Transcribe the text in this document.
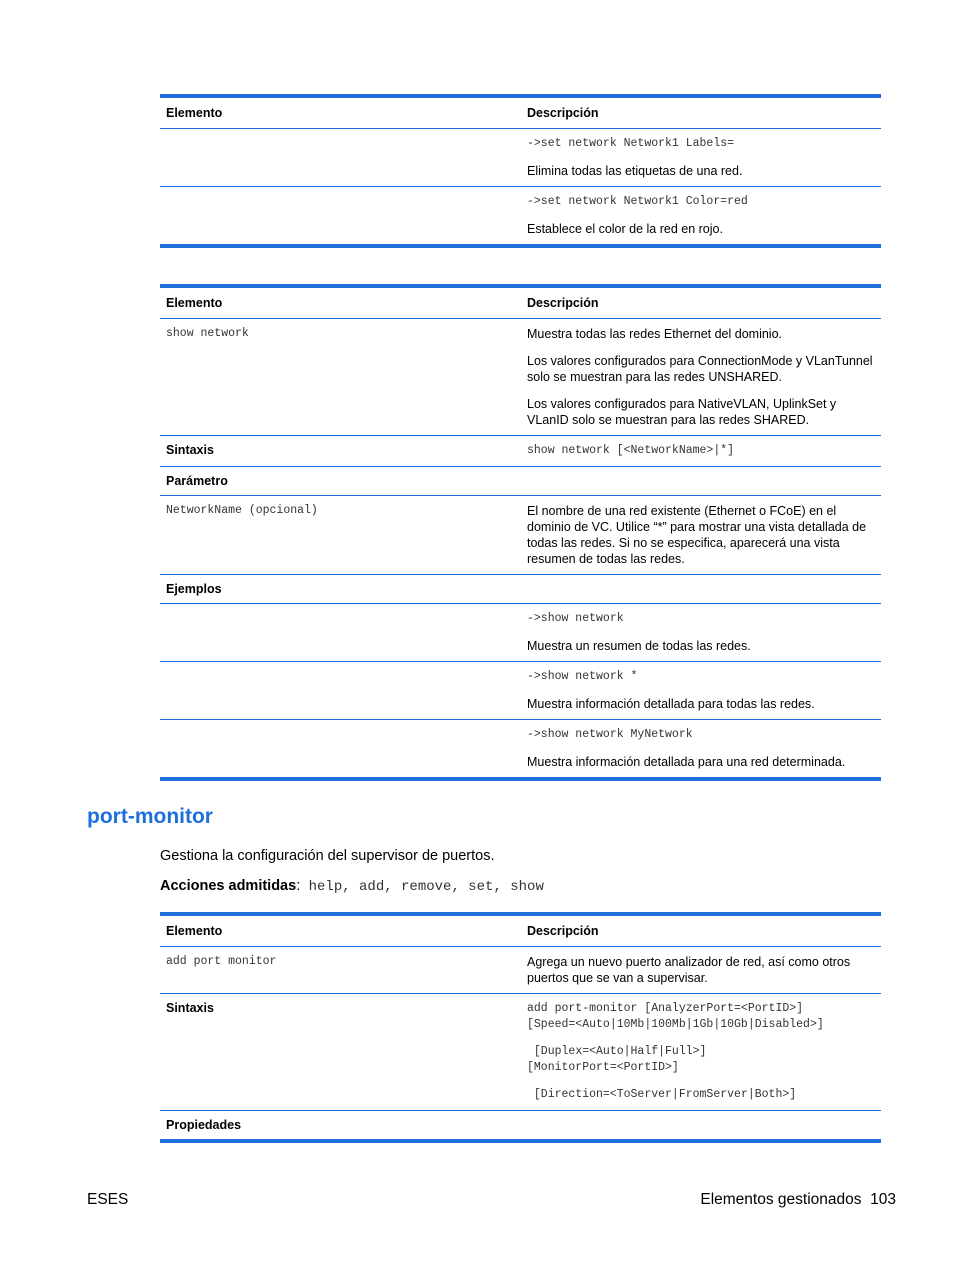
Elemento	Descripción
->set network Network1 Labels=
Elimina todas las etiquetas de una red.
->set network Network1 Color=red
Establece el color de la red en rojo.
Elemento	Descripción
show network	Muestra todas las redes Ethernet del dominio.
Los valores configurados para ConnectionMode y VLanTunnel solo se muestran para las redes UNSHARED.
Los valores configurados para NativeVLAN, UplinkSet y VLanID solo se muestran para las redes SHARED.
Sintaxis	show network [<NetworkName>|*]
Parámetro
NetworkName (opcional)	El nombre de una red existente (Ethernet o FCoE) en el dominio de VC. Utilice “*” para mostrar una vista detallada de todas las redes. Si no se especifica, aparecerá una vista resumen de todas las redes.
Ejemplos
->show network
Muestra un resumen de todas las redes.
->show network *
Muestra información detallada para todas las redes.
->show network MyNetwork
Muestra información detallada para una red determinada.
port-monitor
Gestiona la configuración del supervisor de puertos.
Acciones admitidas: help, add, remove, set, show
Elemento	Descripción
add port monitor	Agrega un nuevo puerto analizador de red, así como otros puertos que se van a supervisar.
Sintaxis	add port-monitor [AnalyzerPort=<PortID>]
[Speed=<Auto|10Mb|100Mb|1Gb|10Gb|Disabled>]
[Duplex=<Auto|Half|Full>]
[MonitorPort=<PortID>]
[Direction=<ToServer|FromServer|Both>]
Propiedades
ESES	Elementos gestionados 103
